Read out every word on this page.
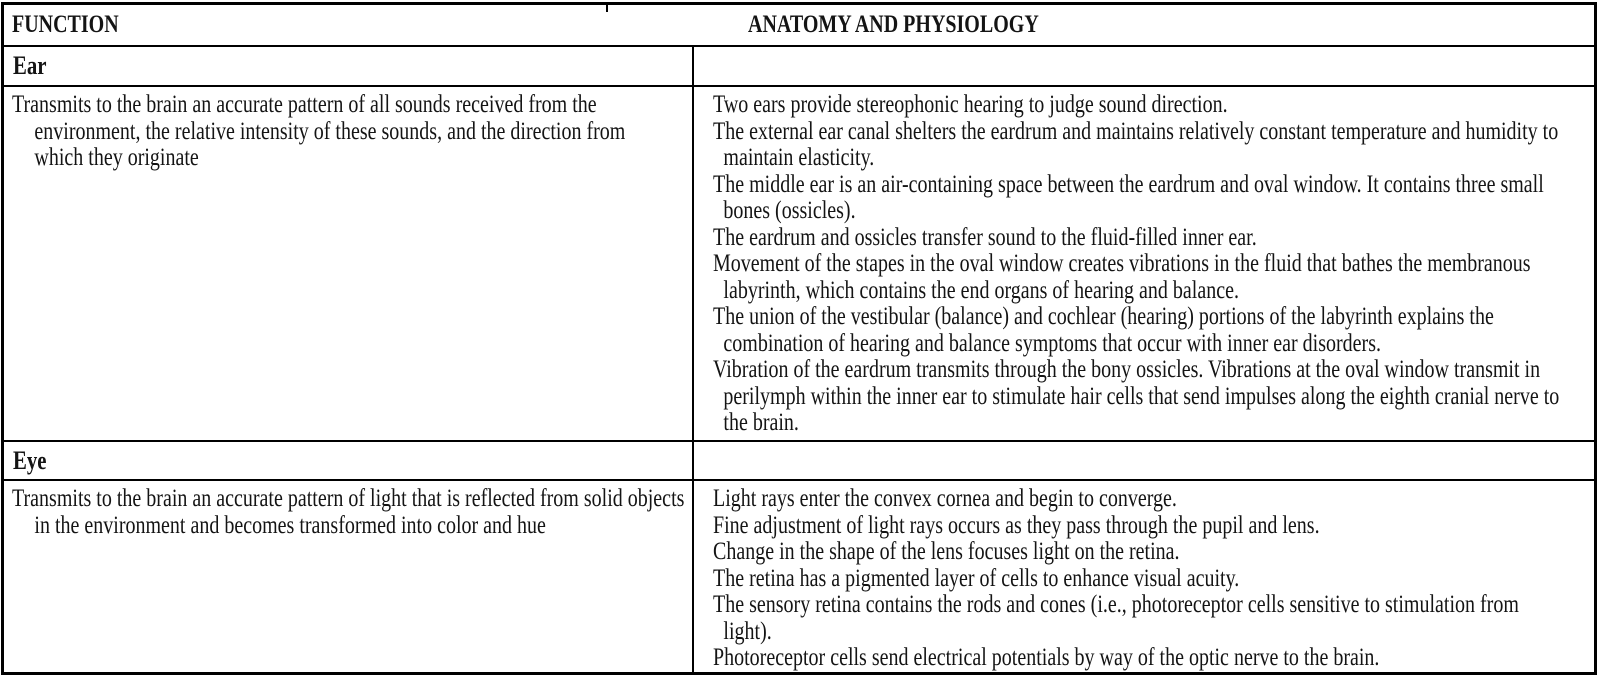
FUNCTION	ANATOMY AND PHYSIOLOGY
Ear
Transmits to the brain an accurate pattern of all sounds received from the environment, the relative intensity of these sounds, and the direction from which they originate
Two ears provide stereophonic hearing to judge sound direction.
The external ear canal shelters the eardrum and maintains relatively constant temperature and humidity to maintain elasticity.
The middle ear is an air-containing space between the eardrum and oval window. It contains three small bones (ossicles).
The eardrum and ossicles transfer sound to the fluid-filled inner ear.
Movement of the stapes in the oval window creates vibrations in the fluid that bathes the membranous labyrinth, which contains the end organs of hearing and balance.
The union of the vestibular (balance) and cochlear (hearing) portions of the labyrinth explains the combination of hearing and balance symptoms that occur with inner ear disorders.
Vibration of the eardrum transmits through the bony ossicles. Vibrations at the oval window transmit in perilymph within the inner ear to stimulate hair cells that send impulses along the eighth cranial nerve to the brain.
Eye
Transmits to the brain an accurate pattern of light that is reflected from solid objects in the environment and becomes transformed into color and hue
Light rays enter the convex cornea and begin to converge.
Fine adjustment of light rays occurs as they pass through the pupil and lens.
Change in the shape of the lens focuses light on the retina.
The retina has a pigmented layer of cells to enhance visual acuity.
The sensory retina contains the rods and cones (i.e., photoreceptor cells sensitive to stimulation from light).
Photoreceptor cells send electrical potentials by way of the optic nerve to the brain.
